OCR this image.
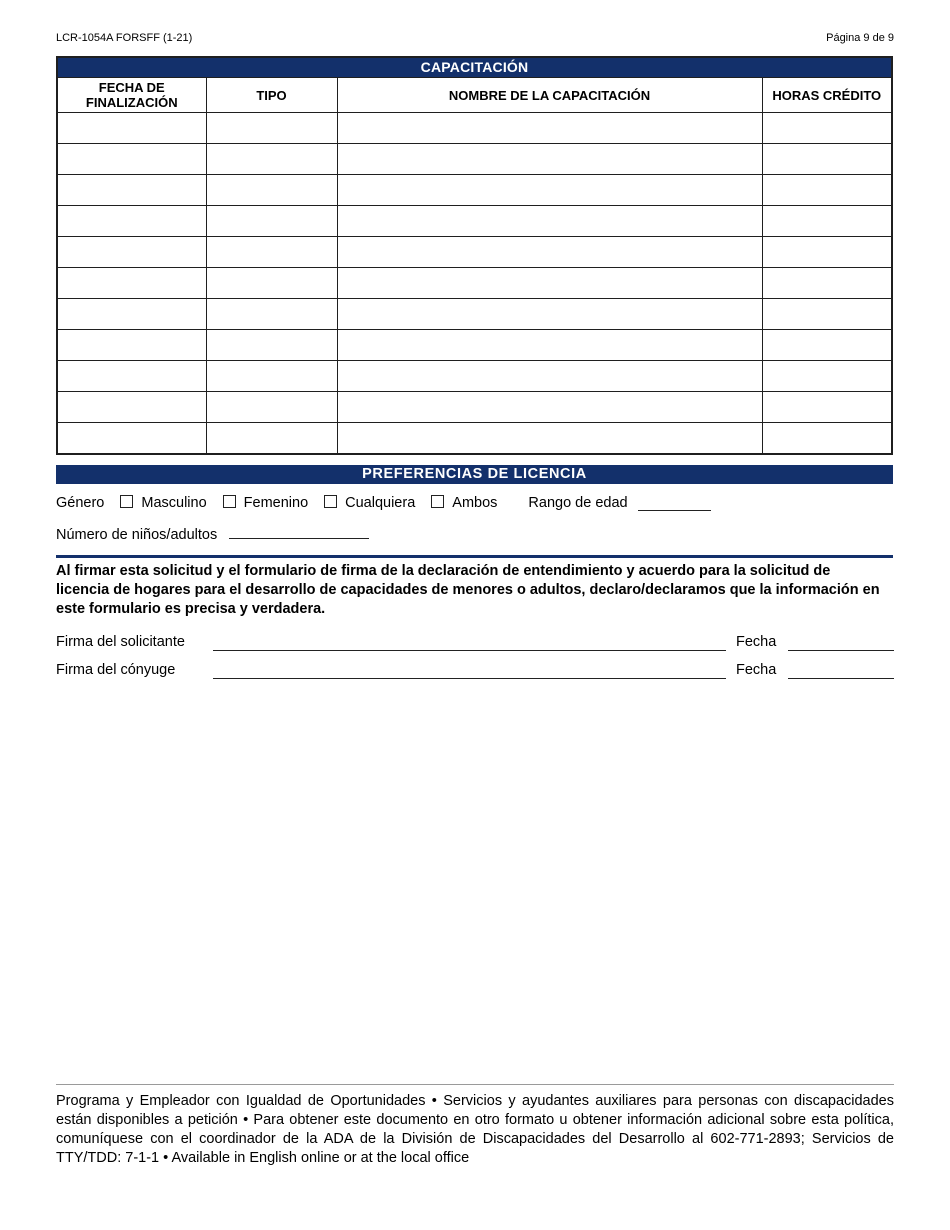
LCR-1054A FORSFF (1-21)	Página 9 de 9
CAPACITACIÓN
FECHA DE FINALIZACIÓN	TIPO	NOMBRE DE LA CAPACITACIÓN	HORAS CRÉDITO

PREFERENCIAS DE LICENCIA
Género	Masculino	Femenino	Cualquiera	Ambos Rango de edad
Número de niños/adultos
Al firmar esta solicitud y el formulario de firma de la declaración de entendimiento y acuerdo para la solicitud de licencia de hogares para el desarrollo de capacidades de menores o adultos, declaro/declaramos que la información en este formulario es precisa y verdadera.
Firma del solicitante	Fecha
Firma del cónyuge	Fecha
Programa y Empleador con Igualdad de Oportunidades • Servicios y ayudantes auxiliares para personas con discapacidades están disponibles a petición • Para obtener este documento en otro formato u obtener información adicional sobre esta política, comuníquese con el coordinador de la ADA de la División de Discapacidades del Desarrollo al 602-771-2893; Servicios de TTY/TDD: 7-1-1 • Available in English online or at the local office
